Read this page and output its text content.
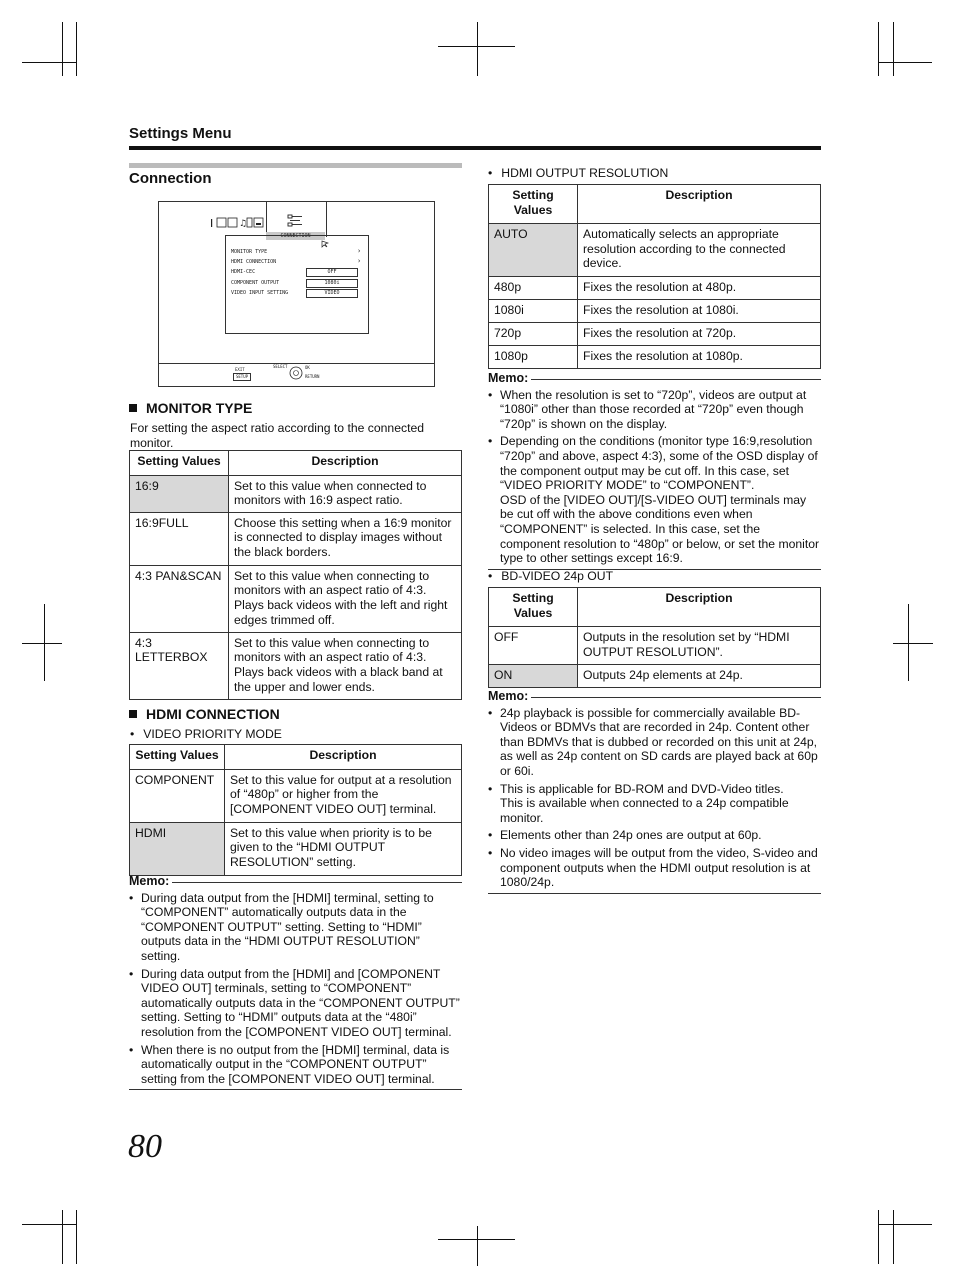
Settings Menu
Connection
♫
CONNECTION
MONITOR TYPE	›
HDMI CONNECTION	›
HDMI-CEC	OFF
COMPONENT OUTPUT	1080i
VIDEO INPUT SETTING	VIDEO
EXIT
SETUP
SELECT	OK
RETURN
MONITOR TYPE
For setting the aspect ratio according to the connected monitor.
Setting Values	Description
16:9	Set to this value when connected to monitors with 16:9 aspect ratio.
16:9FULL	Choose this setting when a 16:9 monitor is connected to display images without the black borders.
4:3 PAN&SCAN	Set to this value when connecting to monitors with an aspect ratio of 4:3. Plays back videos with the left and right edges trimmed off.
4:3 LETTERBOX	Set to this value when connecting to monitors with an aspect ratio of 4:3. Plays back videos with a black band at the upper and lower ends.
HDMI CONNECTION
• VIDEO PRIORITY MODE
Setting Values	Description
COMPONENT	Set to this value for output at a resolution of “480p” or higher from the [COMPONENT VIDEO OUT] terminal.
HDMI	Set to this value when priority is to be given to the “HDMI OUTPUT RESOLUTION” setting.
Memo:
• During data output from the [HDMI] terminal, setting to “COMPONENT” automatically outputs data in the “COMPONENT OUTPUT” setting. Setting to “HDMI” outputs data in the “HDMI OUTPUT RESOLUTION” setting.
• During data output from the [HDMI] and [COMPONENT VIDEO OUT] terminals, setting to “COMPONENT” automatically outputs data in the “COMPONENT OUTPUT” setting. Setting to “HDMI” outputs data at the “480i” resolution from the [COMPONENT VIDEO OUT] terminal.
• When there is no output from the [HDMI] terminal, data is automatically output in the “COMPONENT OUTPUT” setting from the [COMPONENT VIDEO OUT] terminal.
• HDMI OUTPUT RESOLUTION
Setting Values	Description
AUTO	Automatically selects an appropriate resolution according to the connected device.
480p	Fixes the resolution at 480p.
1080i	Fixes the resolution at 1080i.
720p	Fixes the resolution at 720p.
1080p	Fixes the resolution at 1080p.
Memo:
• When the resolution is set to “720p”, videos are output at “1080i” other than those recorded at “720p” even though “720p” is shown on the display.
• Depending on the conditions (monitor type 16:9,resolution “720p” and above, aspect 4:3), some of the OSD display of the component output may be cut off. In this case, set “VIDEO PRIORITY MODE” to “COMPONENT”.
OSD of the [VIDEO OUT]/[S-VIDEO OUT] terminals may be cut off with the above conditions even when “COMPONENT” is selected. In this case, set the component resolution to “480p” or below, or set the monitor type to other settings except 16:9.
• BD-VIDEO 24p OUT
Setting Values	Description
OFF	Outputs in the resolution set by “HDMI OUTPUT RESOLUTION”.
ON	Outputs 24p elements at 24p.
Memo:
• 24p playback is possible for commercially available BD-Videos or BDMVs that are recorded in 24p. Content other than BDMVs that is dubbed or recorded on this unit at 24p, as well as 24p content on SD cards are played back at 60p or 60i.
• This is applicable for BD-ROM and DVD-Video titles.
This is available when connected to a 24p compatible monitor.
• Elements other than 24p ones are output at 60p.
• No video images will be output from the video, S-video and component outputs when the HDMI output resolution is at 1080/24p.
80
